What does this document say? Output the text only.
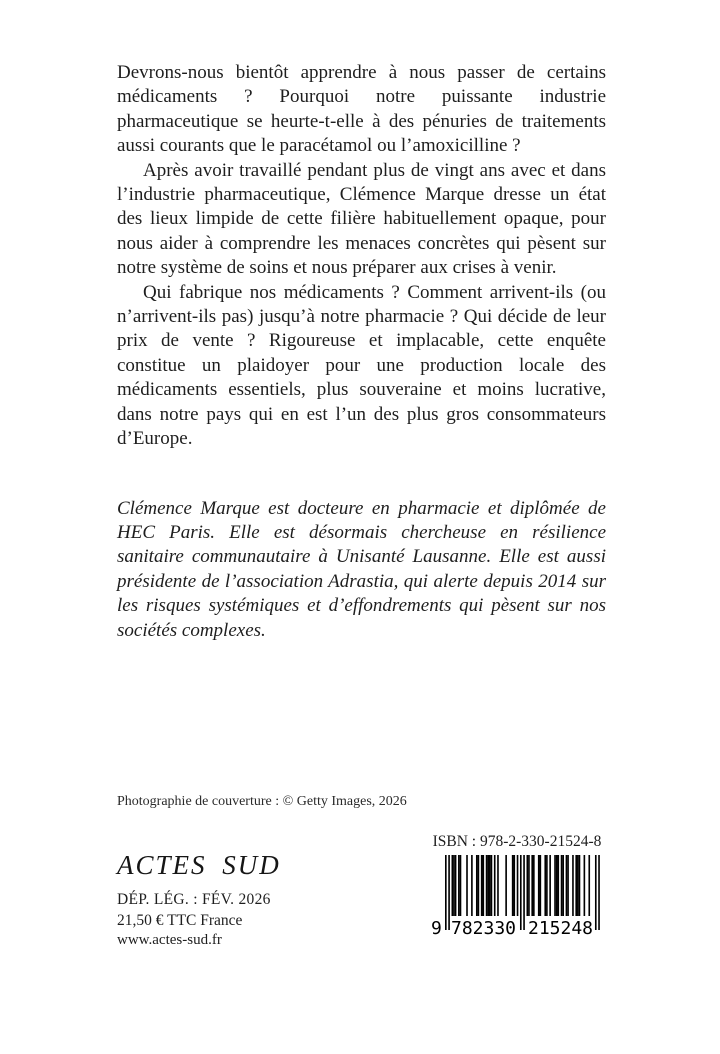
Devrons-nous bientôt apprendre à nous passer de certains médicaments ? Pourquoi notre puissante industrie pharmaceutique se heurte-t-elle à des pénuries de traitements aussi courants que le paracétamol ou l’amoxicilline ?

Après avoir travaillé pendant plus de vingt ans avec et dans l’industrie pharmaceutique, Clémence Marque dresse un état des lieux limpide de cette filière habituellement opaque, pour nous aider à comprendre les menaces concrètes qui pèsent sur notre système de soins et nous préparer aux crises à venir.

Qui fabrique nos médicaments ? Comment arrivent-ils (ou n’arrivent-ils pas) jusqu’à notre pharmacie ? Qui décide de leur prix de vente ? Rigoureuse et implacable, cette enquête constitue un plaidoyer pour une production locale des médicaments essentiels, plus souveraine et moins lucrative, dans notre pays qui en est l’un des plus gros consommateurs d’Europe.

Clémence Marque est docteure en pharmacie et diplômée de HEC Paris. Elle est désormais chercheuse en résilience sanitaire communautaire à Unisanté Lausanne. Elle est aussi présidente de l’association Adrastia, qui alerte depuis 2014 sur les risques systémiques et d’effondrements qui pèsent sur nos sociétés complexes.

Photographie de couverture : © Getty Images, 2026
ACTES SUD
DÉP. LÉG. : FÉV. 2026
21,50 € TTC France
www.actes-sud.fr
ISBN : 978-2-330-21524-8
9 782330 215248
